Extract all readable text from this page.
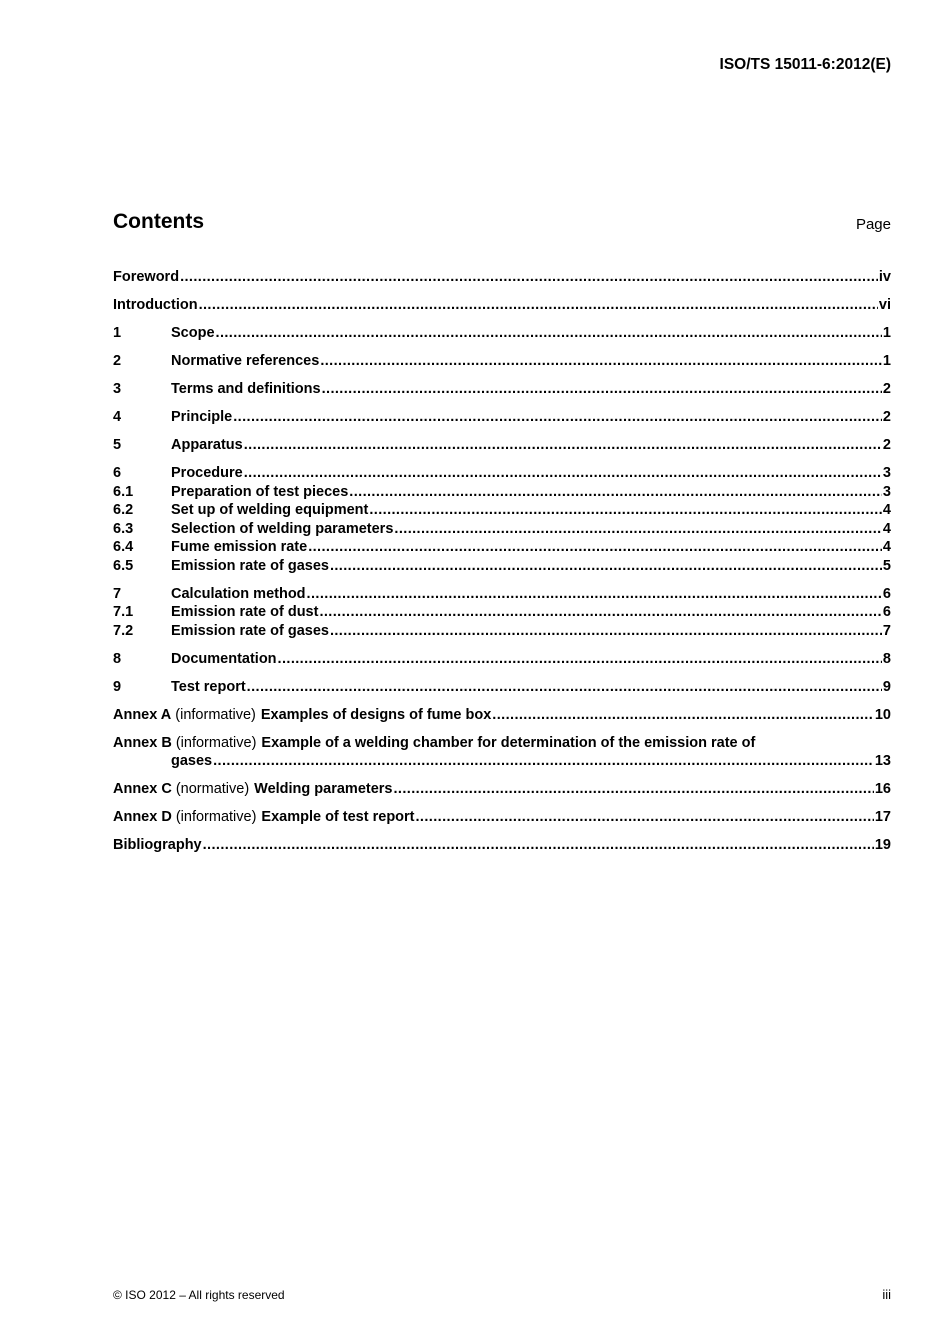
ISO/TS 15011-6:2012(E)
Contents	Page
Foreword .....	iv
Introduction .....	vi
1	Scope .....	1
2	Normative references .....	1
3	Terms and definitions .....	2
4	Principle .....	2
5	Apparatus .....	2
6	Procedure .....	3
6.1	Preparation of test pieces .....	3
6.2	Set up of welding equipment .....	4
6.3	Selection of welding parameters .....	4
6.4	Fume emission rate .....	4
6.5	Emission rate of gases .....	5
7	Calculation method .....	6
7.1	Emission rate of dust .....	6
7.2	Emission rate of gases .....	7
8	Documentation .....	8
9	Test report .....	9
Annex A (informative) Examples of designs of fume box .....	10
Annex B (informative) Example of a welding chamber for determination of the emission rate of
gases .....	13
Annex C (normative) Welding parameters .....	16
Annex D (informative) Example of test report .....	17
Bibliography .....	19
© ISO 2012 – All rights reserved	iii
